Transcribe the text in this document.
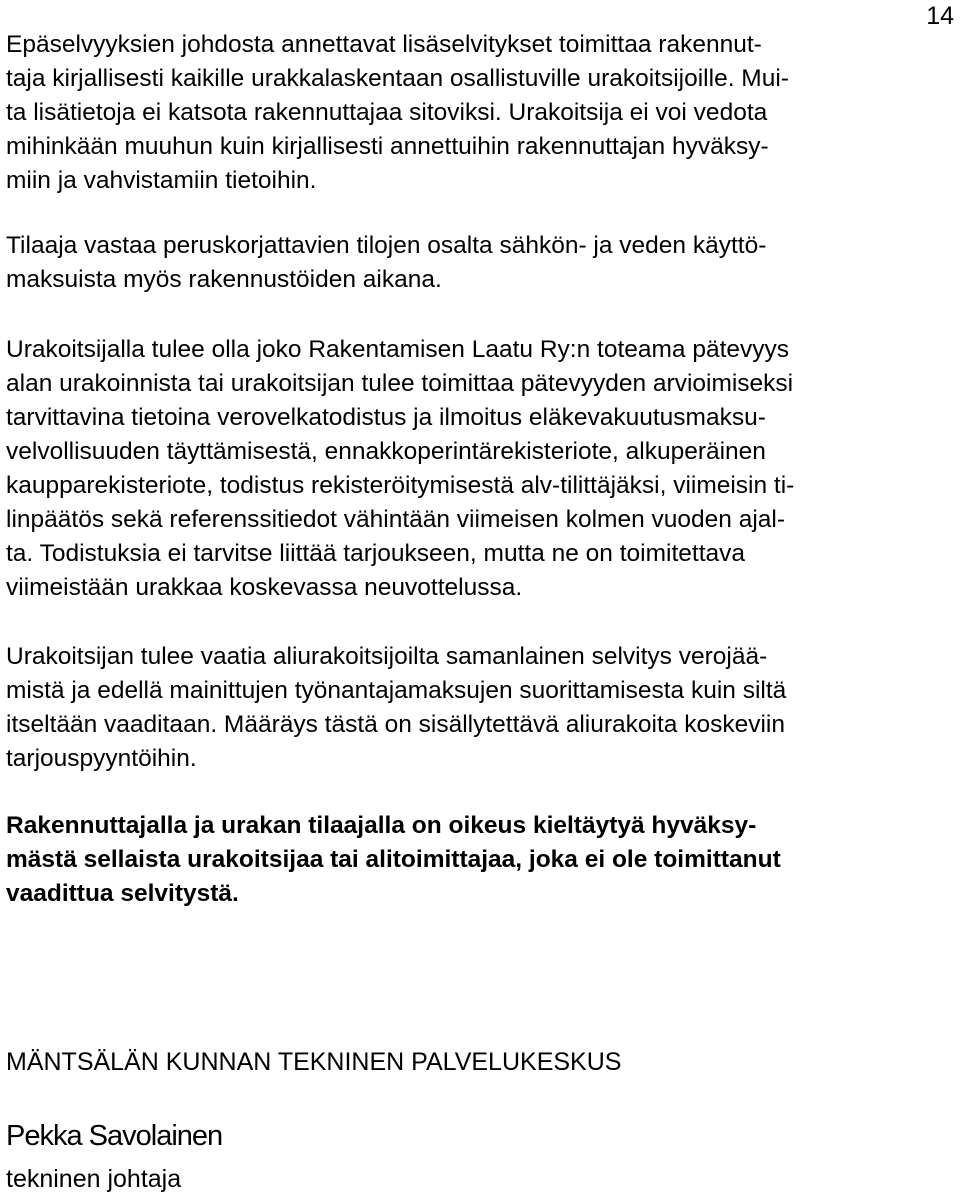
14

Epäselvyyksien johdosta annettavat lisäselvitykset toimittaa rakennut-
taja kirjallisesti kaikille urakkalaskentaan osallistuville urakoitsijoille. Mui-
ta lisätietoja ei katsota rakennuttajaa sitoviksi. Urakoitsija ei voi vedota
mihinkään muuhun kuin kirjallisesti annettuihin rakennuttajan hyväksy-
miin ja vahvistamiin tietoihin.

Tilaaja vastaa peruskorjattavien tilojen osalta sähkön- ja veden käyttö-
maksuista myös rakennustöiden aikana.

Urakoitsijalla tulee olla joko Rakentamisen Laatu Ry:n toteama pätevyys
alan urakoinnista tai urakoitsijan tulee toimittaa pätevyyden arvioimiseksi
tarvittavina tietoina verovelkatodistus ja ilmoitus eläkevakuutusmaksu-
velvollisuuden täyttämisestä, ennakkoperintärekisteriote, alkuperäinen
kaupparekisteriote, todistus rekisteröitymisestä alv-tilittäjäksi, viimeisin ti-
linpäätös sekä referenssitiedot vähintään viimeisen kolmen vuoden ajal-
ta. Todistuksia ei tarvitse liittää tarjoukseen, mutta ne on toimitettava
viimeistään urakkaa koskevassa neuvottelussa.

Urakoitsijan tulee vaatia aliurakoitsijoilta samanlainen selvitys verojää-
mistä ja edellä mainittujen työnantajamaksujen suorittamisesta kuin siltä
itseltään vaaditaan. Määräys tästä on sisällytettävä aliurakoita koskeviin
tarjouspyyntöihin.

Rakennuttajalla ja urakan tilaajalla on oikeus kieltäytyä hyväksy-
mästä sellaista urakoitsijaa tai alitoimittajaa, joka ei ole toimittanut
vaadittua selvitystä.

MÄNTSÄLÄN KUNNAN TEKNINEN PALVELUKESKUS
Pekka Savolainen
tekninen johtaja
